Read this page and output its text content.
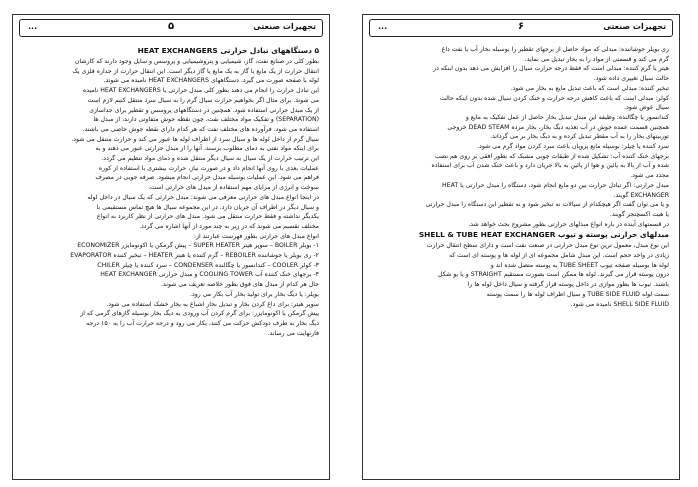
تجهیزات صنعتی
۵
...

۵ دستگاههای تبادل حرارتی HEAT EXCHANGERS

بطور کلی در صنایع نفت، گاز، شیمیایی و پتروشیمیایی و پروسس و سایل وجود دارند که کارشان

انتقال حرارت از یک مایع یا گاز به یک مایع یا گاز دیگر است. این انتقال حرارت از جداره فلزی یک

لوله یا صفحه صورت می گیرد. دستگاههای HEAT EXCHANGERS نامیده می شوند.

این تبادل حرارت را انجام می دهند بطور کلی مبدل حرارتی یا HEAT EXCHANGERS نامیده

می شوند. برای مثال اگر بخواهیم حرارت سیال گرم را به سیال سرد منتقل کنیم لازم است

از یک مبدل حرارتی استفاده شود. همچنین در دستگاههای پروسس و تقطیر برای جداسازی

(SEPARATION) و تفکیک مواد مختلف نفت، چون نقطه جوش متفاوتی دارند، از مبدل ها

استفاده می شود. فرآورده های مختلف نفت که هر کدام دارای نقطه جوش خاصی می باشند.

سیال گرم از داخل لوله ها و سیال سرد از اطراف لوله ها عبور می کند و حرارت منتقل می شود.

برای اینکه مواد نفتی به دمای مطلوب برسند، آنها را از مبدل حرارتی عبور می دهند و به

این ترتیب حرارت از یک سیال به سیال دیگر منتقل شده و دمای مواد تنظیم می گردد.

عملیات بعدی با روی آنها انجام داد و در صورت نیاز، حرارت بیشتری با استفاده از کوره

فراهم می شود. این عملیات بوسیله مبدل حرارتی انجام میشود. صرفه جویی در مصرف

سوخت و انرژی از مزایای مهم استفاده از مبدل های حرارتی است.

در اینجا انواع مبدل های حرارتی معرفی می شوند: مبدل حرارتی که یک سیال در داخل لوله

و سیال دیگر در اطراف آن جریان دارد. در این مجموعه سیال ها هیچ تماس مستقیمی با

یکدیگر نداشته و فقط حرارت منتقل می شود. مبدل های حرارتی از نظر کاربرد به انواع

مختلف تقسیم می شوند که در زیر به چند مورد از آنها اشاره می گردد.

انواع مبدل های حرارتی بطور فهرست عبارتند از:

۱- بویلر BOILER – سوپر هیتر SUPER HEATER – پیش گرمکن یا اکونومایزر ECONOMIZER

۲- ری بویلر یا جوشاننده REBOILER – گرم کننده یا هیتر HEATER – تبخیر کننده EVAPORATOR

۳- کولر COOLER – کندانسور یا چگالنده CONDENSER – سرد کننده یا چیلر CHILER

۴- برجهای خنک کننده آب COOLING TOWER و مبدل حرارتی HEAT EXCHANGER

حال هر کدام از مبدل های فوق بطور خلاصه تعریف می شوند.

بویلر: یا دیگ بخار برای تولید بخار آب بکار می رود.

سوپر هیتر: برای داغ کردن بخار و تبدیل بخار اشباع به بخار خشک استفاده می شود.

پیش گرمکن یا اکونومایزر: برای گرم کردن آب ورودی به دیگ بخار بوسیله گازهای گرمی که از

دیگ بخار به طرف دودکش حرکت می کنند، بکار می رود و درجه حرارت آب را به ۱۵۰ درجه

فارنهایت می رساند.

تجهیزات صنعتی
۶
...

ری بویلر جوشاننده: مبدلی که مواد حاصل از برجهای تقطیر را بوسیله بخار آب یا نفت داغ

گرم می کند و قسمتی از مواد را به بخار تبدیل می نماید.

هیتر یا گرم کننده: مبدلی است که فقط درجه حرارت سیال را افزایش می دهد بدون اینکه در

حالت سیال تغییری داده شود.

تبخیر کننده: مبدلی است که باعث تبدیل مایع به بخار می شود.

کولر: مبدلی است که باعث کاهش درجه حرارت و خنک کردن سیال شده بدون اینکه حالت

سیال عوض شود.

کندانسور یا چگالنده: وظیفه این مبدل تبدیل بخار حاصل از عمل تفکیک به مایع و

همچنین قسمت عمده جوش در آب تغذیه دیگ بخار، بخار مرده DEAD STEAM خروجی

توربینهای بخار را به آب مقطر تبدیل کرده و به دیگ بخار بر می گرداند.

سرد کننده یا چیلر: بوسیله مایع پروپان باعث سرد کردن مواد گرم می شود.

برجهای خنک کننده آب: تشکیل شده از طبقات چوبی مشبک که بطور افقی بر روی هم نصب

شده و آب از بالا به پائین و هوا از پائین به بالا جریان دارد و باعث خنک شدن آب برای استفاده

مجدد می شود.

مبدل حرارتی: اگر تبادل حرارت بین دو مایع انجام شود، دستگاه را مبدل حرارتی یا HEAT

EXCHANGER گویند.

و یا می توان گفت اگر هیچکدام از سیالات نه تبخیر شود و نه تقطیر این دستگاه را مبدل حرارتی

یا هیت اکسچنجر گویند.

در قسمتهای آینده در باره انواع مبدلهای حرارتی بطور مشروح بحث خواهد شد.

مبدلهای حرارتی پوسته و تیوب SHELL & TUBE HEAT EXCHANGER

این نوع مبدل، معمول ترین نوع مبدل حرارتی در صنعت نفت است و دارای سطح انتقال حرارت

زیادی در واحد حجم است. این مبدل شامل مجموعه ای از لوله ها و پوسته ای است که

لوله ها بوسیله صفحه تیوب TUBE SHEET به پوسته متصل شده اند و

درون پوسته قرار می گیرند. لوله ها ممکن است بصورت مستقیم STRAIGHT و یا یو شکل

باشند. تیوب ها بطور موازی در داخل پوسته قرار گرفته و سیال داخل لوله ها را

سمت لوله TUBE SIDE FLUID و سیال اطراف لوله ها را سمت پوسته

SHELL SIDE FLUID نامیده می شود.
